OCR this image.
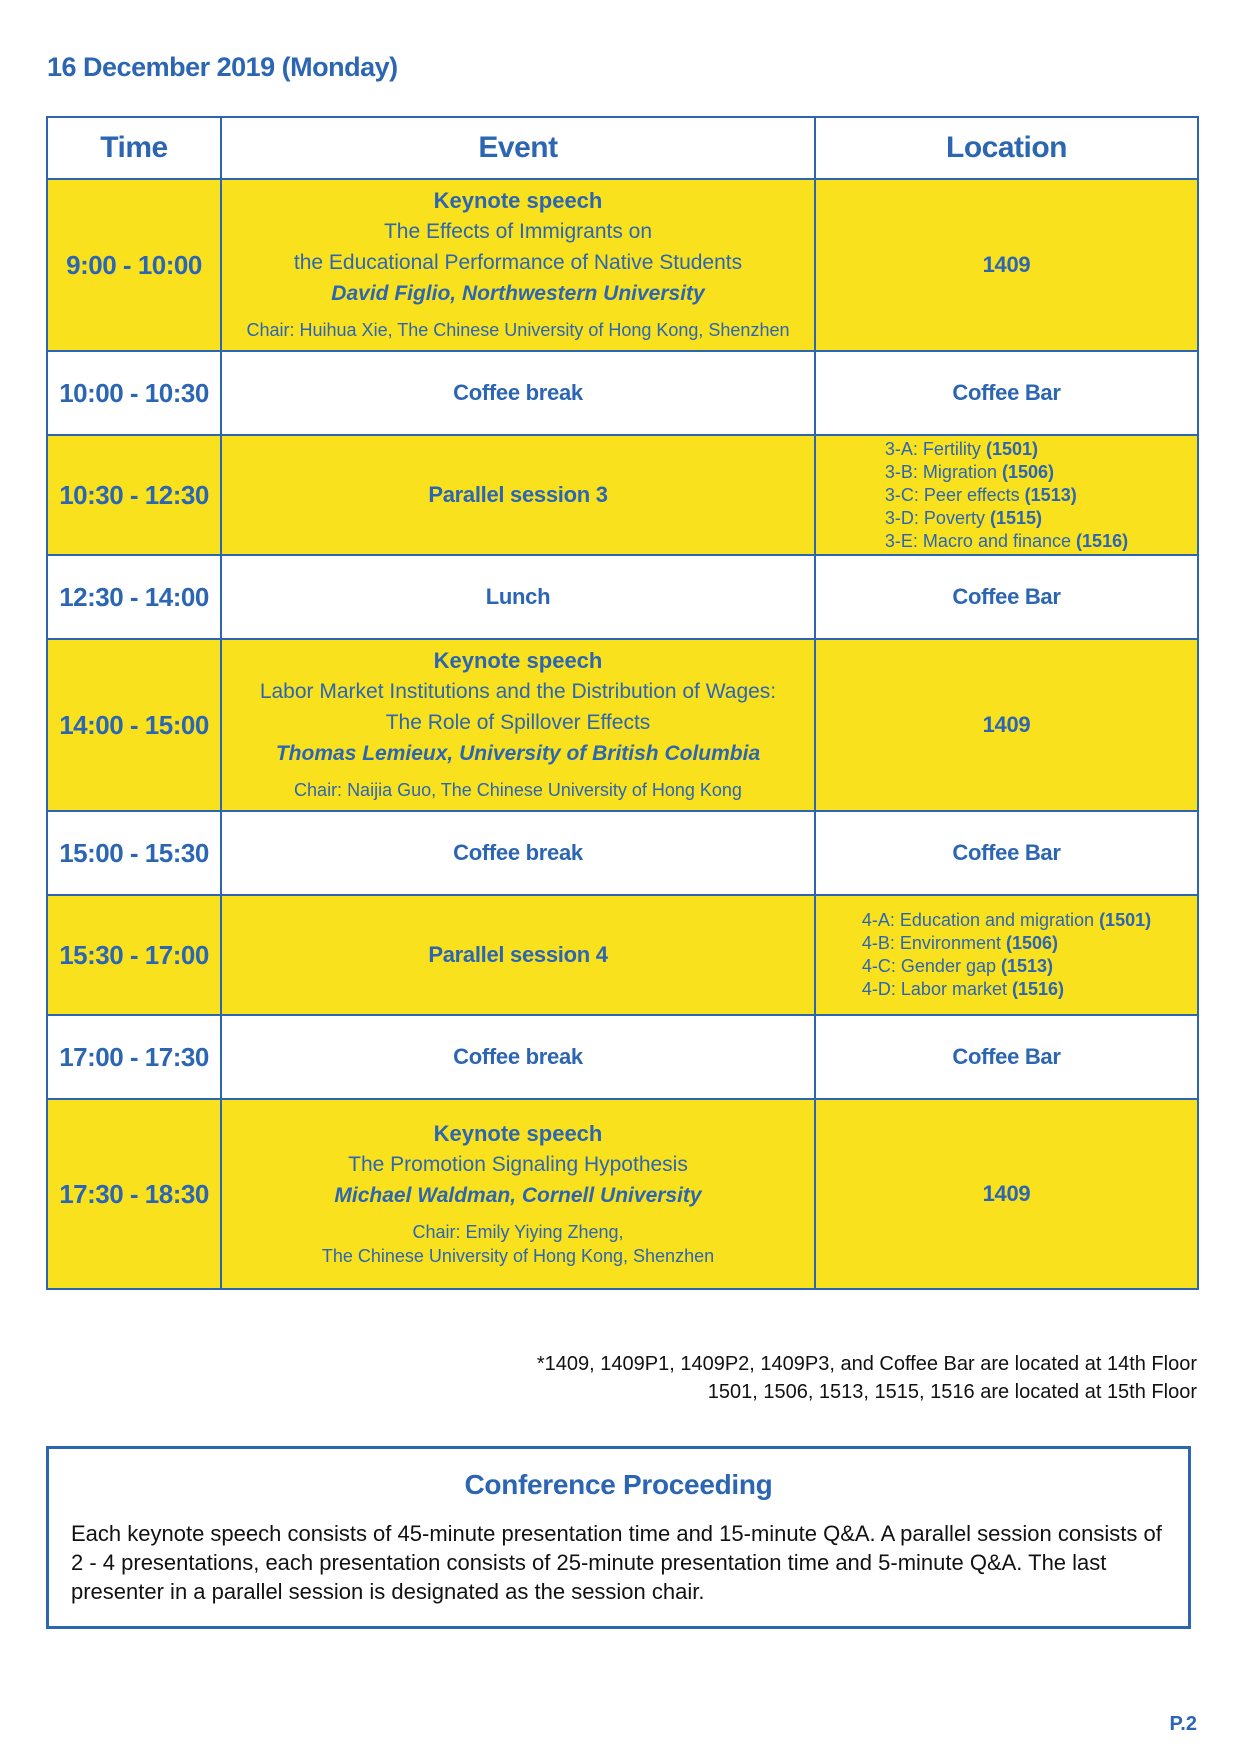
16 December 2019 (Monday)
Time	Event	Location
9:00 - 10:00	Keynote speech
The Effects of Immigrants on
the Educational Performance of Native Students
David Figlio, Northwestern University
Chair: Huihua Xie, The Chinese University of Hong Kong, Shenzhen	1409
10:00 - 10:30	Coffee break	Coffee Bar
10:30 - 12:30	Parallel session 3	3-A: Fertility (1501)
3-B: Migration (1506)
3-C: Peer effects (1513)
3-D: Poverty (1515)
3-E: Macro and finance (1516)

12:30 - 14:00	Lunch	Coffee Bar
14:00 - 15:00	Keynote speech
Labor Market Institutions and the Distribution of Wages:
The Role of Spillover Effects
Thomas Lemieux, University of British Columbia
Chair: Naijia Guo, The Chinese University of Hong Kong	1409
15:00 - 15:30	Coffee break	Coffee Bar
15:30 - 17:00	Parallel session 4	4-A: Education and migration (1501)
4-B: Environment (1506)
4-C: Gender gap (1513)
4-D: Labor market (1516)

17:00 - 17:30	Coffee break	Coffee Bar
17:30 - 18:30	Keynote speech
The Promotion Signaling Hypothesis
Michael Waldman, Cornell University
Chair: Emily Yiying Zheng,
The Chinese University of Hong Kong, Shenzhen	1409
*1409, 1409P1, 1409P2, 1409P3, and Coffee Bar are located at 14th Floor
1501, 1506, 1513, 1515, 1516 are located at 15th Floor
Conference Proceeding
Each keynote speech consists of 45-minute presentation time and 15-minute Q&A. A parallel session consists of 2 - 4 presentations, each presentation consists of 25-minute presentation time and 5-minute Q&A. The last presenter in a parallel session is designated as the session chair.
P.2
